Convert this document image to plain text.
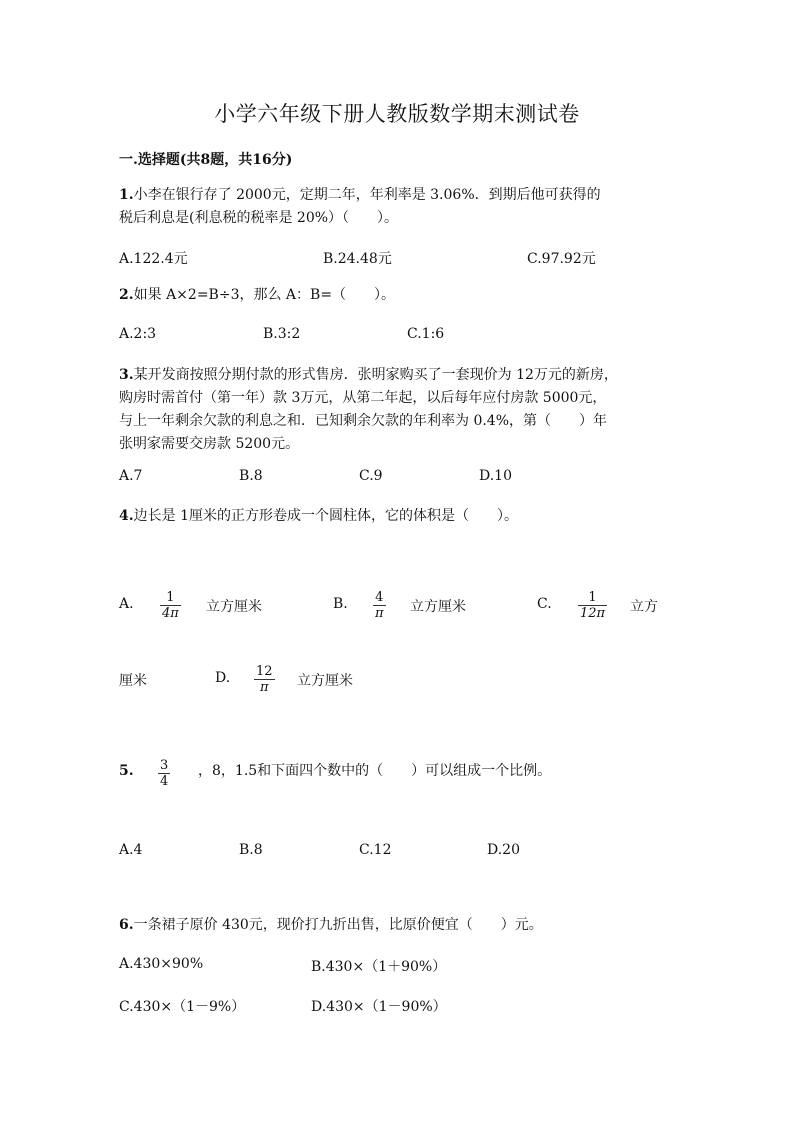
小学六年级下册人教版数学期末测试卷
一.选择题(共8题，共16分)
1.小李在银行存了 2000元，定期二年，年利率是 3.06%．到期后他可获得的
税后利息是(利息税的税率是 20%）（　　）。
A.122.4元	B.24.48元	C.97.92元
2.如果 A×2=B÷3，那么 A：B=（　　）。
A.2:3	B.3:2	C.1:6
3.某开发商按照分期付款的形式售房．张明家购买了一套现价为 12万元的新房，
购房时需首付（第一年）款 3万元，从第二年起，以后每年应付房款 5000元，
与上一年剩余欠款的利息之和．已知剩余欠款的年利率为 0.4%，第（　　）年
张明家需要交房款 5200元。
A.7	B.8	C.9	D.10
4.边长是 1厘米的正方形卷成一个圆柱体，它的体积是（　　）。
A.	1
4π 立方厘米	B. 4
π 立方厘米	C.	1
12π 立方
厘米	D. 12
π 立方厘米
5. 3
4
，8，1.5和下面四个数中的（　　）可以组成一个比例。
A.4	B.8	C.12	D.20
6.一条裙子原价 430元，现价打九折出售，比原价便宜（　　）元。
A.430×90%	B.430×（1＋90%）
C.430×（1－9%）	D.430×（1－90%）
